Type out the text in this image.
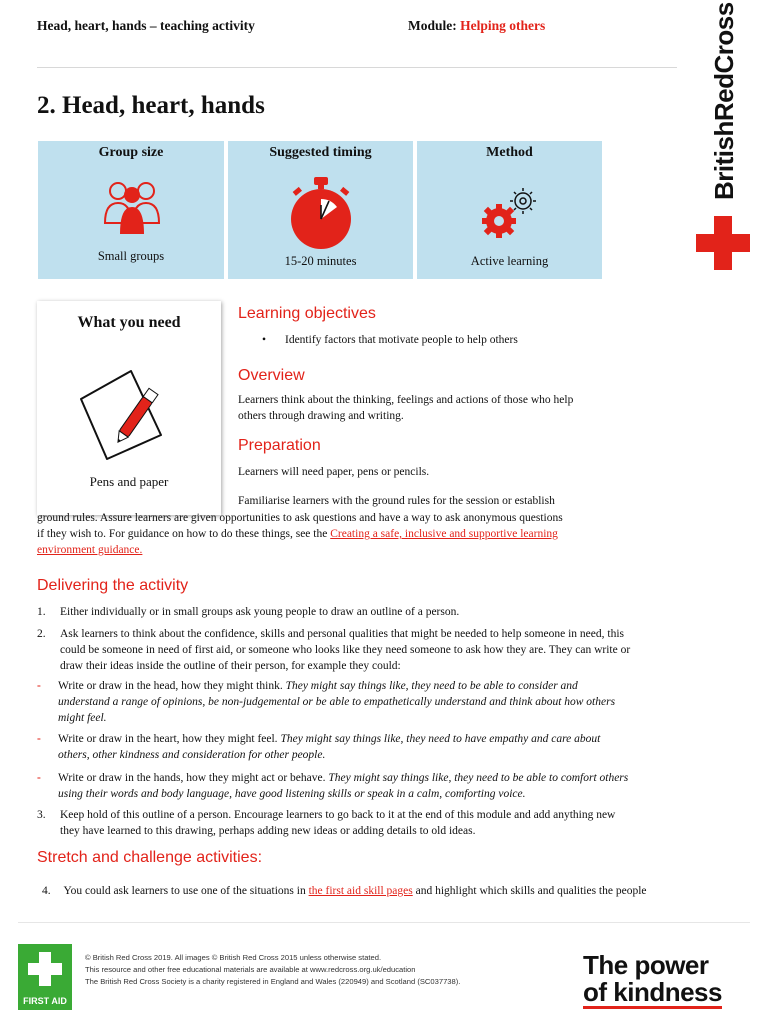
Head, heart, hands – teaching activity	Module: Helping others	BritishRedCross
2. Head, heart, hands
Group size
Small groups
Suggested timing
15-20 minutes
Method
Active learning
What you need
Pens and paper
Learning objectives
• Identify factors that motivate people to help others
Overview
Learners think about the thinking, feelings and actions of those who help
others through drawing and writing.
Preparation
Learners will need paper, pens or pencils.
Familiarise learners with the ground rules for the session or establish
ground rules. Assure learners are given opportunities to ask questions and have a way to ask anonymous questions
if they wish to. For guidance on how to do these things, see the Creating a safe, inclusive and supportive learning
environment guidance.
Delivering the activity
1. Either individually or in small groups ask young people to draw an outline of a person.
2. Ask learners to think about the confidence, skills and personal qualities that might be needed to help someone in need, this
could be someone in need of first aid, or someone who looks like they need someone to ask how they are. They can write or
draw their ideas inside the outline of their person, for example they could:
- Write or draw in the head, how they might think. They might say things like, they need to be able to consider and
understand a range of opinions, be non-judgemental or be able to empathetically understand and think about how others
might feel.
- Write or draw in the heart, how they might feel. They might say things like, they need to have empathy and care about
others, other kindness and consideration for other people.
- Write or draw in the hands, how they might act or behave. They might say things like, they need to be able to comfort others
using their words and body language, have good listening skills or speak in a calm, comforting voice.
3. Keep hold of this outline of a person. Encourage learners to go back to it at the end of this module and add anything new
they have learned to this drawing, perhaps adding new ideas or adding details to old ideas.
Stretch and challenge activities:
4. You could ask learners to use one of the situations in the first aid skill pages and highlight which skills and qualities the people
FIRST AID
© British Red Cross 2019. All images © British Red Cross 2015 unless otherwise stated.
This resource and other free educational materials are available at www.redcross.org.uk/education
The British Red Cross Society is a charity registered in England and Wales (220949) and Scotland (SC037738).
The power
of kindness
